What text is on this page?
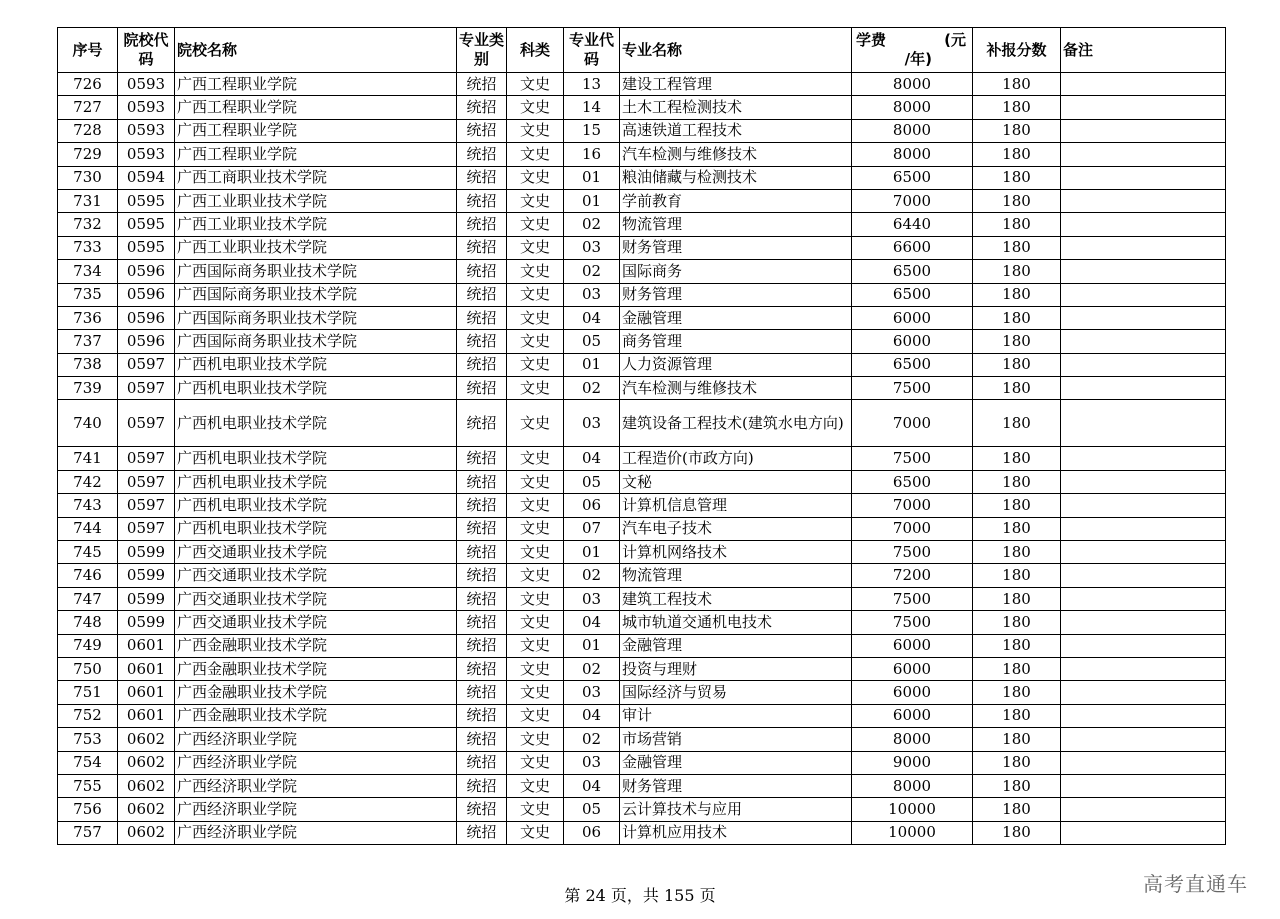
序号	院校代码	院校名称	专业类别	科类	专业代码	专业名称	学费 (元
/年)	补报分数	备注
726	0593	广西工程职业学院	统招	文史	13	建设工程管理	8000	180	
727	0593	广西工程职业学院	统招	文史	14	土木工程检测技术	8000	180	
728	0593	广西工程职业学院	统招	文史	15	高速铁道工程技术	8000	180	
729	0593	广西工程职业学院	统招	文史	16	汽车检测与维修技术	8000	180	
730	0594	广西工商职业技术学院	统招	文史	01	粮油储藏与检测技术	6500	180	
731	0595	广西工业职业技术学院	统招	文史	01	学前教育	7000	180	
732	0595	广西工业职业技术学院	统招	文史	02	物流管理	6440	180	
733	0595	广西工业职业技术学院	统招	文史	03	财务管理	6600	180	
734	0596	广西国际商务职业技术学院	统招	文史	02	国际商务	6500	180	
735	0596	广西国际商务职业技术学院	统招	文史	03	财务管理	6500	180	
736	0596	广西国际商务职业技术学院	统招	文史	04	金融管理	6000	180	
737	0596	广西国际商务职业技术学院	统招	文史	05	商务管理	6000	180	
738	0597	广西机电职业技术学院	统招	文史	01	人力资源管理	6500	180	
739	0597	广西机电职业技术学院	统招	文史	02	汽车检测与维修技术	7500	180	
740	0597	广西机电职业技术学院	统招	文史	03	建筑设备工程技术(建筑水电方向)	7000	180	
741	0597	广西机电职业技术学院	统招	文史	04	工程造价(市政方向)	7500	180	
742	0597	广西机电职业技术学院	统招	文史	05	文秘	6500	180	
743	0597	广西机电职业技术学院	统招	文史	06	计算机信息管理	7000	180	
744	0597	广西机电职业技术学院	统招	文史	07	汽车电子技术	7000	180	
745	0599	广西交通职业技术学院	统招	文史	01	计算机网络技术	7500	180	
746	0599	广西交通职业技术学院	统招	文史	02	物流管理	7200	180	
747	0599	广西交通职业技术学院	统招	文史	03	建筑工程技术	7500	180	
748	0599	广西交通职业技术学院	统招	文史	04	城市轨道交通机电技术	7500	180	
749	0601	广西金融职业技术学院	统招	文史	01	金融管理	6000	180	
750	0601	广西金融职业技术学院	统招	文史	02	投资与理财	6000	180	
751	0601	广西金融职业技术学院	统招	文史	03	国际经济与贸易	6000	180	
752	0601	广西金融职业技术学院	统招	文史	04	审计	6000	180	
753	0602	广西经济职业学院	统招	文史	02	市场营销	8000	180	
754	0602	广西经济职业学院	统招	文史	03	金融管理	9000	180	
755	0602	广西经济职业学院	统招	文史	04	财务管理	8000	180	
756	0602	广西经济职业学院	统招	文史	05	云计算技术与应用	10000	180	
757	0602	广西经济职业学院	统招	文史	06	计算机应用技术	10000	180	
第 24 页，共 155 页	高考直通车
